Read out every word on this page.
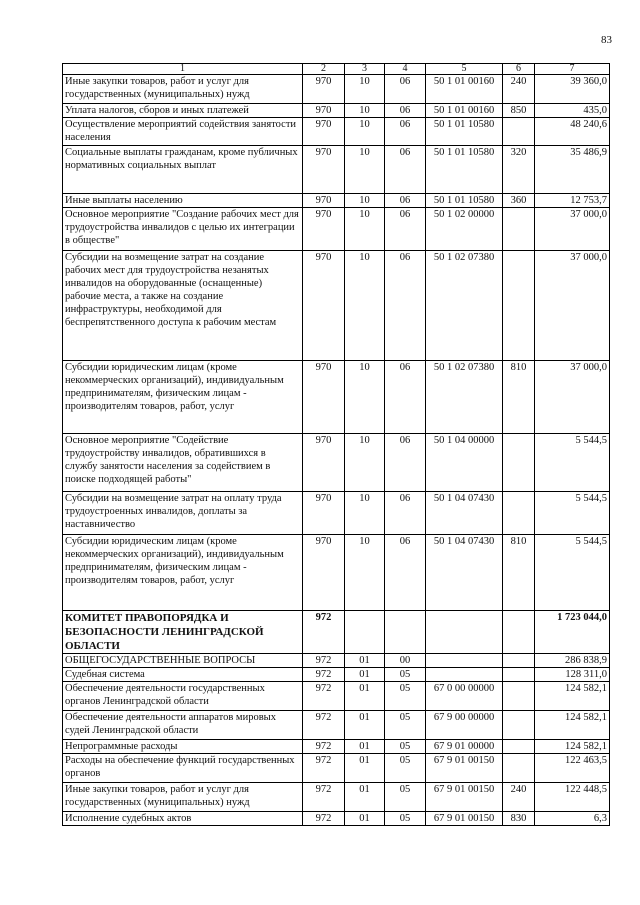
83
1	2	3	4	5	6	7
Иные закупки товаров, работ и услуг для государственных (муниципальных) нужд	970	10	06	50 1 01 00160	240	39 360,0
Уплата налогов, сборов и иных платежей	970	10	06	50 1 01 00160	850	435,0
Осуществление мероприятий содействия занятости населения	970	10	06	50 1 01 10580		48 240,6
Социальные выплаты гражданам, кроме публичных нормативных социальных выплат	970	10	06	50 1 01 10580	320	35 486,9
Иные выплаты населению	970	10	06	50 1 01 10580	360	12 753,7
Основное мероприятие "Создание рабочих мест для трудоустройства инвалидов с целью их интеграции в обществе"	970	10	06	50 1 02 00000		37 000,0
Субсидии на возмещение затрат на создание рабочих мест для трудоустройства незанятых инвалидов на оборудованные (оснащенные) рабочие места, а также на создание инфраструктуры, необходимой для беспрепятственного доступа к рабочим местам	970	10	06	50 1 02 07380		37 000,0
Субсидии юридическим лицам (кроме некоммерческих организаций), индивидуальным предпринимателям, физическим лицам - производителям товаров, работ, услуг	970	10	06	50 1 02 07380	810	37 000,0
Основное мероприятие "Содействие трудоустройству инвалидов, обратившихся в службу занятости населения за содействием в поиске подходящей работы"	970	10	06	50 1 04 00000		5 544,5
Субсидии на возмещение затрат на оплату труда трудоустроенных инвалидов, доплаты за наставничество	970	10	06	50 1 04 07430		5 544,5
Субсидии юридическим лицам (кроме некоммерческих организаций), индивидуальным предпринимателям, физическим лицам - производителям товаров, работ, услуг	970	10	06	50 1 04 07430	810	5 544,5
КОМИТЕТ ПРАВОПОРЯДКА И БЕЗОПАСНОСТИ ЛЕНИНГРАДСКОЙ ОБЛАСТИ	972					1 723 044,0
ОБЩЕГОСУДАРСТВЕННЫЕ ВОПРОСЫ	972	01	00			286 838,9
Судебная система	972	01	05			128 311,0
Обеспечение деятельности государственных органов Ленинградской области	972	01	05	67 0 00 00000		124 582,1
Обеспечение деятельности аппаратов мировых судей Ленинградской области	972	01	05	67 9 00 00000		124 582,1
Непрограммные расходы	972	01	05	67 9 01 00000		124 582,1
Расходы на обеспечение функций государственных органов	972	01	05	67 9 01 00150		122 463,5
Иные закупки товаров, работ и услуг для государственных (муниципальных) нужд	972	01	05	67 9 01 00150	240	122 448,5
Исполнение судебных актов	972	01	05	67 9 01 00150	830	6,3
